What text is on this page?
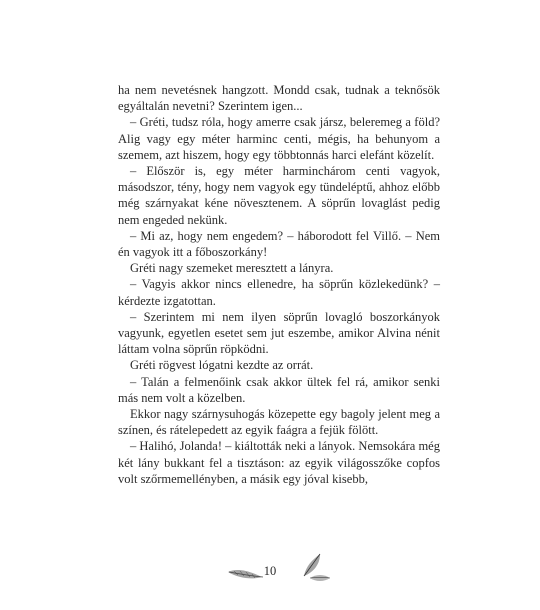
ha nem nevetésnek hangzott. Mondd csak, tudnak a teknősök egyáltalán nevetni? Szerintem igen...

– Gréti, tudsz róla, hogy amerre csak jársz, beleremeg a föld? Alig vagy egy méter harminc centi, mégis, ha behunyom a szemem, azt hiszem, hogy egy többtonnás harci elefánt közelít.

– Először is, egy méter harminchárom centi vagyok, másodszor, tény, hogy nem vagyok egy tündeléptű, ahhoz előbb még szárnyakat kéne növesztenem. A söprűn lovaglást pedig nem engeded nekünk.

– Mi az, hogy nem engedem? – háborodott fel Villő. – Nem én vagyok itt a főboszorkány!

Gréti nagy szemeket meresztett a lányra.

– Vagyis akkor nincs ellenedre, ha söprűn közlekedünk? – kérdezte izgatottan.

– Szerintem mi nem ilyen söprűn lovagló boszorkányok vagyunk, egyetlen esetet sem jut eszembe, amikor Alvina nénit láttam volna söprűn röpködni.

Gréti rögvest lógatni kezdte az orrát.

– Talán a felmenőink csak akkor ültek fel rá, amikor senki más nem volt a közelben.

Ekkor nagy szárnysuhogás közepette egy bagoly jelent meg a színen, és rátelepedett az egyik faágra a fejük fölött.

– Halihó, Jolanda! – kiáltották neki a lányok. Nemsokára még két lány bukkant fel a tisztáson: az egyik világosszőke copfos volt szőrmemellényben, a másik egy jóval kisebb,

10
